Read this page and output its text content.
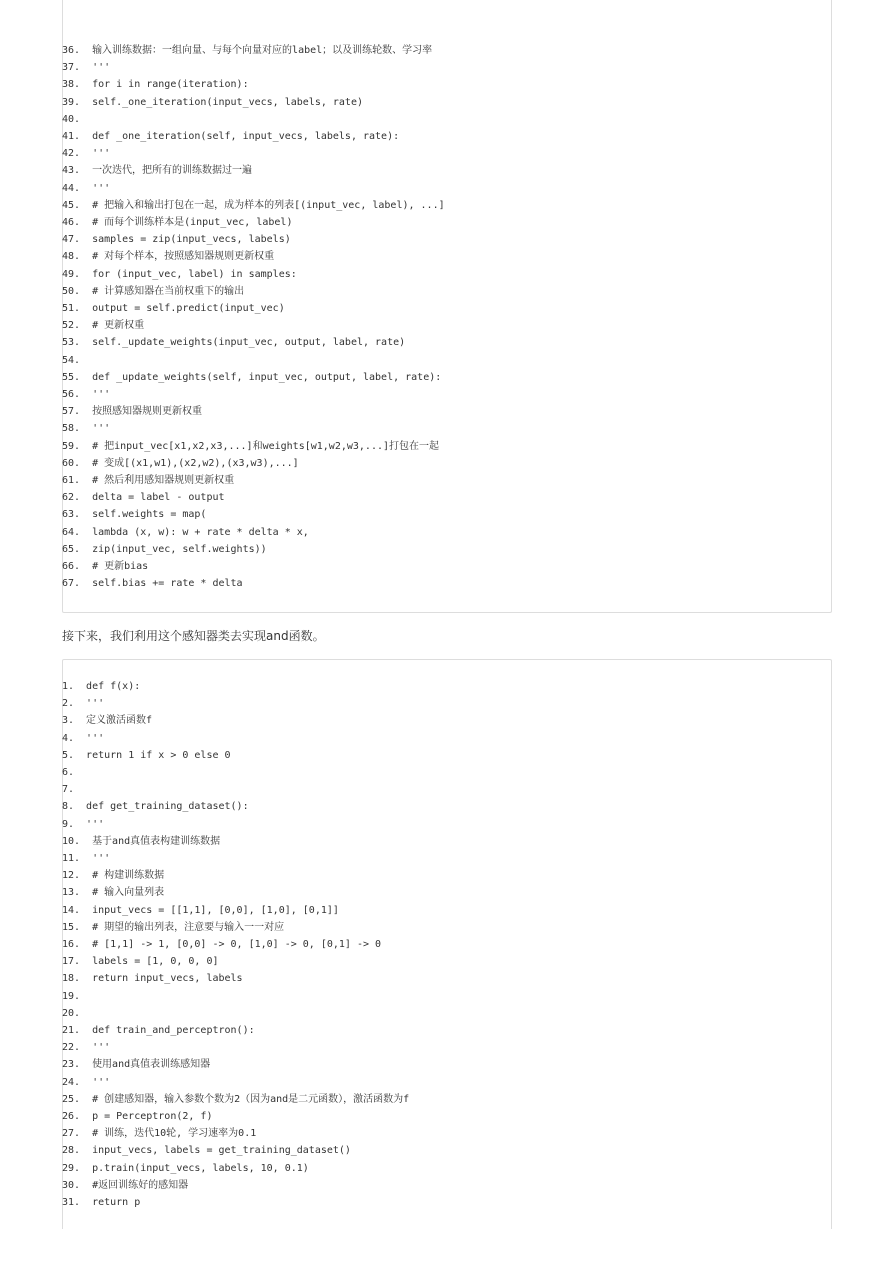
36. 输入训练数据：一组向量、与每个向量对应的label；以及训练轮数、学习率
37. '''
38. for i in range(iteration):
39. self._one_iteration(input_vecs, labels, rate)
40.
41. def _one_iteration(self, input_vecs, labels, rate):
42. '''
43. 一次迭代，把所有的训练数据过一遍
44. '''
45. # 把输入和输出打包在一起，成为样本的列表[(input_vec, label), ...]
46. # 而每个训练样本是(input_vec, label)
47. samples = zip(input_vecs, labels)
48. # 对每个样本，按照感知器规则更新权重
49. for (input_vec, label) in samples:
50. # 计算感知器在当前权重下的输出
51. output = self.predict(input_vec)
52. # 更新权重
53. self._update_weights(input_vec, output, label, rate)
54.
55. def _update_weights(self, input_vec, output, label, rate):
56. '''
57. 按照感知器规则更新权重
58. '''
59. # 把input_vec[x1,x2,x3,...]和weights[w1,w2,w3,...]打包在一起
60. # 变成[(x1,w1),(x2,w2),(x3,w3),...]
61. # 然后利用感知器规则更新权重
62. delta = label - output
63. self.weights = map(
64. lambda (x, w): w + rate * delta * x,
65. zip(input_vec, self.weights))
66. # 更新bias
67. self.bias += rate * delta
接下来，我们利用这个感知器类去实现and函数。
1. def f(x):
2. '''
3. 定义激活函数f
4. '''
5. return 1 if x > 0 else 0
6.
7.
8. def get_training_dataset():
9. '''
10. 基于and真值表构建训练数据
11. '''
12. # 构建训练数据
13. # 输入向量列表
14. input_vecs = [[1,1], [0,0], [1,0], [0,1]]
15. # 期望的输出列表，注意要与输入一一对应
16. # [1,1] -> 1, [0,0] -> 0, [1,0] -> 0, [0,1] -> 0
17. labels = [1, 0, 0, 0]
18. return input_vecs, labels
19.
20.
21. def train_and_perceptron():
22. '''
23. 使用and真值表训练感知器
24. '''
25. # 创建感知器，输入参数个数为2（因为and是二元函数），激活函数为f
26. p = Perceptron(2, f)
27. # 训练，迭代10轮, 学习速率为0.1
28. input_vecs, labels = get_training_dataset()
29. p.train(input_vecs, labels, 10, 0.1)
30. #返回训练好的感知器
31. return p
